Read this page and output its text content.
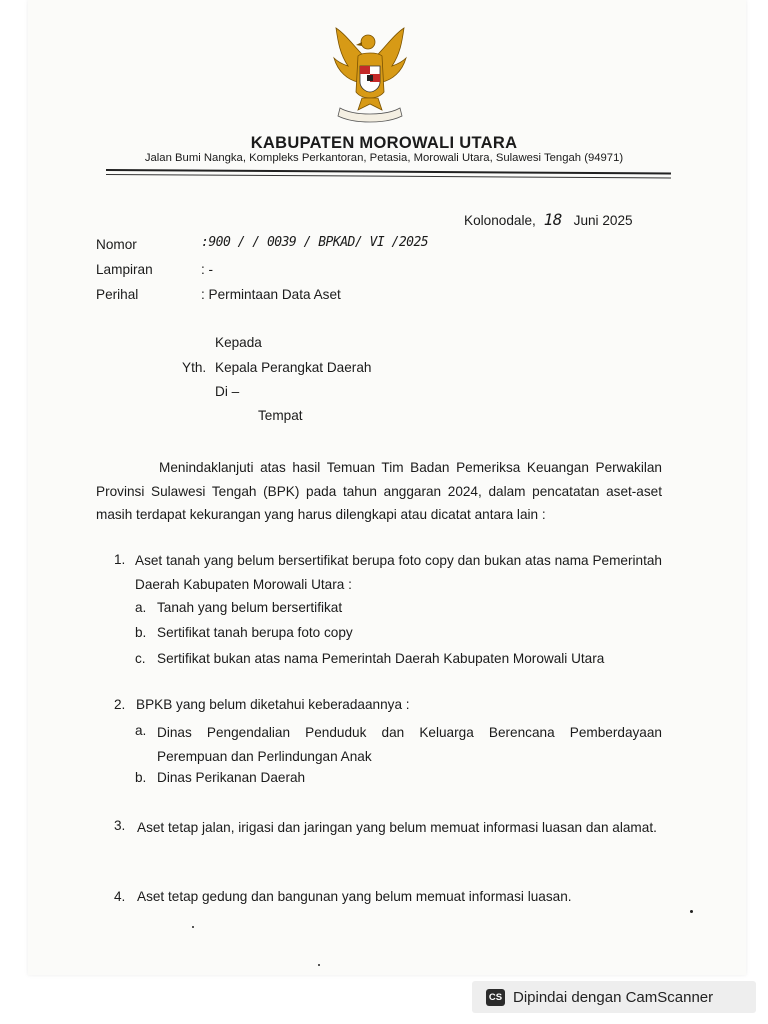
KABUPATEN MOROWALI UTARA
Jalan Bumi Nangka, Kompleks Perkantoran, Petasia, Morowali Utara, Sulawesi Tengah (94971)
Kolonodale, 18 Juni 2025
Nomor	:900 / / 0039 / BPKAD/ VI /2025
Lampiran	: -
Perihal	: Permintaan Data Aset
Kepada
Yth. Kepala Perangkat Daerah
Di –
Tempat
Menindaklanjuti atas hasil Temuan Tim Badan Pemeriksa Keuangan Perwakilan Provinsi Sulawesi Tengah (BPK) pada tahun anggaran 2024, dalam pencatatan aset-aset masih terdapat kekurangan yang harus dilengkapi atau dicatat antara lain :
1. Aset tanah yang belum bersertifikat berupa foto copy dan bukan atas nama Pemerintah Daerah Kabupaten Morowali Utara :
a. Tanah yang belum bersertifikat
b. Sertifikat tanah berupa foto copy
c. Sertifikat bukan atas nama Pemerintah Daerah Kabupaten Morowali Utara
2. BPKB yang belum diketahui keberadaannya :
a. Dinas Pengendalian Penduduk dan Keluarga Berencana Pemberdayaan Perempuan dan Perlindungan Anak
b. Dinas Perikanan Daerah
3. Aset tetap jalan, irigasi dan jaringan yang belum memuat informasi luasan dan alamat.
4. Aset tetap gedung dan bangunan yang belum memuat informasi luasan.
CS Dipindai dengan CamScanner
